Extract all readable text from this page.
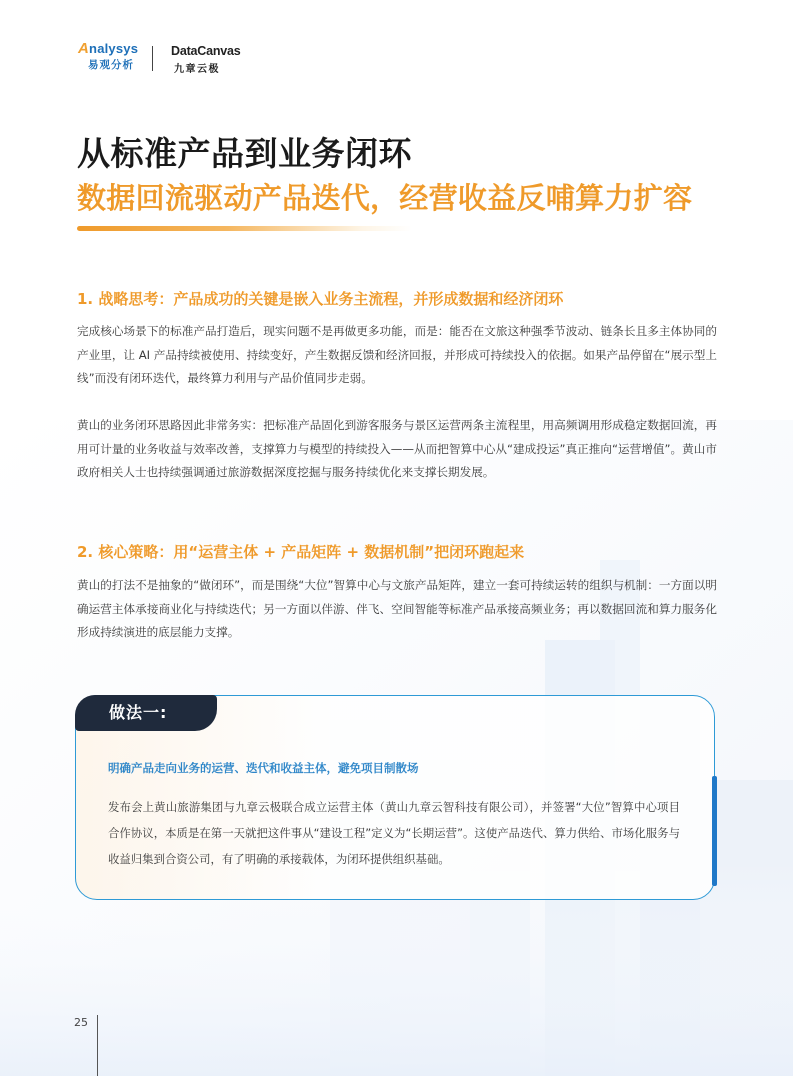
Analysys
易观分析
DataCanvas
九章云极
从标准产品到业务闭环
数据回流驱动产品迭代，经营收益反哺算力扩容
1. 战略思考：产品成功的关键是嵌入业务主流程，并形成数据和经济闭环

完成核心场景下的标准产品打造后，现实问题不是再做更多功能，而是：能否在文旅这种强季节波动、链条长且多主体协同的产业里，让 AI 产品持续被使用、持续变好，产生数据反馈和经济回报，并形成可持续投入的依据。如果产品停留在“展示型上线”而没有闭环迭代，最终算力利用与产品价值同步走弱。

黄山的业务闭环思路因此非常务实：把标准产品固化到游客服务与景区运营两条主流程里，用高频调用形成稳定数据回流，再用可计量的业务收益与效率改善，支撑算力与模型的持续投入——从而把智算中心从“建成投运”真正推向“运营增值”。黄山市政府相关人士也持续强调通过旅游数据深度挖掘与服务持续优化来支撑长期发展。

2. 核心策略：用“运营主体 + 产品矩阵 + 数据机制”把闭环跑起来

黄山的打法不是抽象的“做闭环”，而是围绕“大位”智算中心与文旅产品矩阵，建立一套可持续运转的组织与机制：一方面以明确运营主体承接商业化与持续迭代；另一方面以伴游、伴飞、空间智能等标准产品承接高频业务；再以数据回流和算力服务化形成持续演进的底层能力支撑。

做法一:
明确产品走向业务的运营、迭代和收益主体，避免项目制散场

发布会上黄山旅游集团与九章云极联合成立运营主体（黄山九章云智科技有限公司），并签署“大位”智算中心项目合作协议，本质是在第一天就把这件事从“建设工程”定义为“长期运营”。这使产品迭代、算力供给、市场化服务与收益归集到合资公司，有了明确的承接载体，为闭环提供组织基础。

25
